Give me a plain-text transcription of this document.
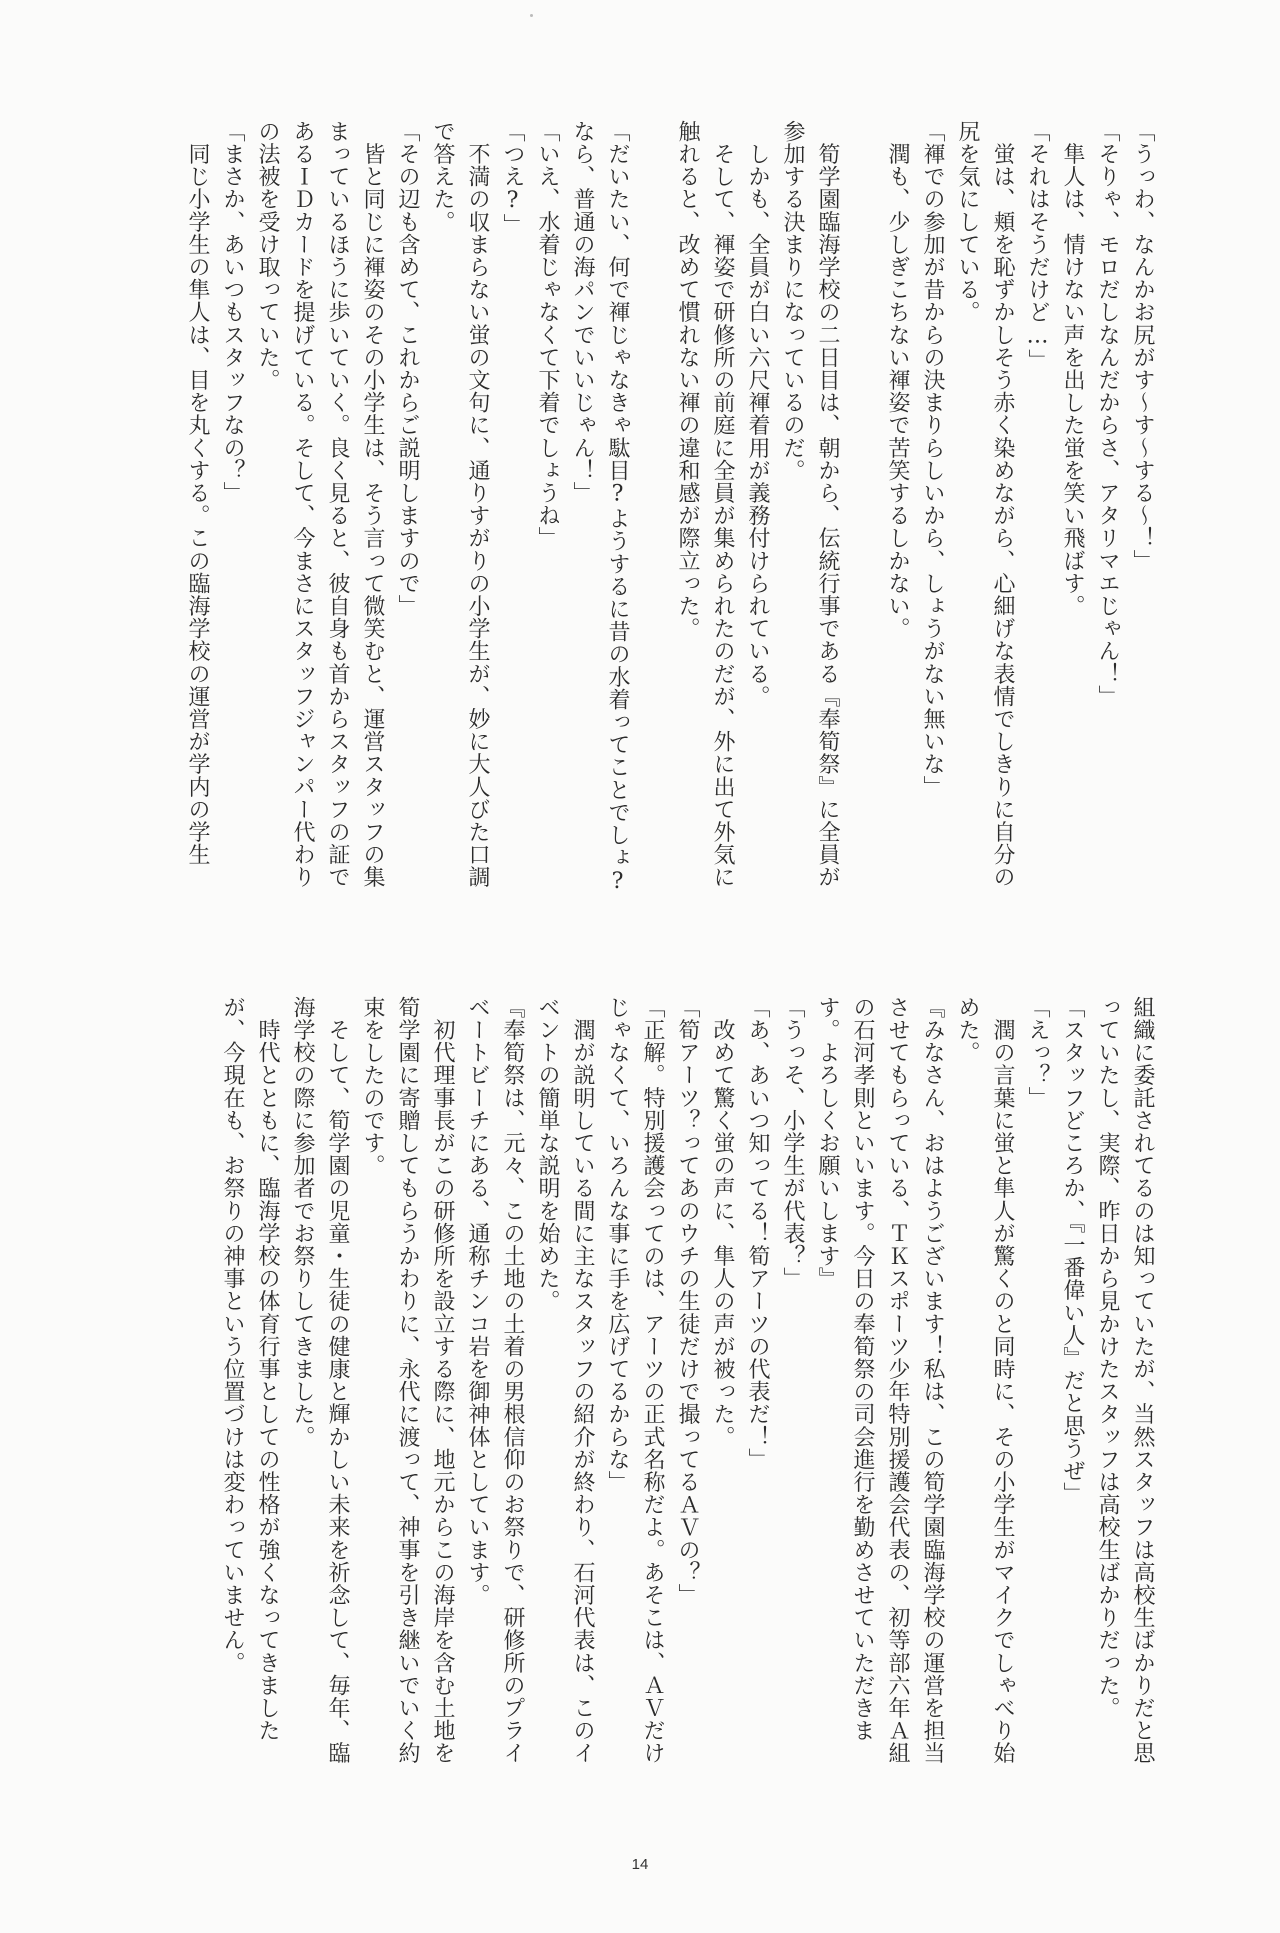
「うっわ、なんかお尻がす〜す〜する〜！」
「そりゃ、モロだしなんだからさ、アタリマエじゃん！」
　隼人は、情けない声を出した蛍を笑い飛ばす。
「それはそうだけど…」
　蛍は、頬を恥ずかしそう赤く染めながら、心細げな表情でしきりに自分の
尻を気にしている。
「褌での参加が昔からの決まりらしいから、しょうがない無いな」
　潤も、少しぎこちない褌姿で苦笑するしかない。

　筍学園臨海学校の二日目は、朝から、伝統行事である『奉筍祭』に全員が
参加する決まりになっているのだ。
　しかも、全員が白い六尺褌着用が義務付けられている。
　そして、褌姿で研修所の前庭に全員が集められたのだが、外に出て外気に
触れると、改めて慣れない褌の違和感が際立った。

「だいたい、何で褌じゃなきゃ駄目?ようするに昔の水着ってことでしょ?
なら、普通の海パンでいいじゃん！」
「いえ、水着じゃなくて下着でしょうね」
「つえ?」
　不満の収まらない蛍の文句に、通りすがりの小学生が、妙に大人びた口調
で答えた。
「その辺も含めて、これからご説明しますので」
　皆と同じに褌姿のその小学生は、そう言って微笑むと、運営スタッフの集
まっているほうに歩いていく。良く見ると、彼自身も首からスタッフの証で
あるＩＤカードを提げている。そして、今まさにスタッフジャンパー代わり
の法被を受け取っていた。
「まさか、あいつもスタッフなの？」
　同じ小学生の隼人は、目を丸くする。この臨海学校の運営が学内の学生
組織に委託されてるのは知っていたが、当然スタッフは高校生ばかりだと思
っていたし、実際、昨日から見かけたスタッフは高校生ばかりだった。
「スタッフどころか、『一番偉い人』だと思うぜ」
「えっ？」
　潤の言葉に蛍と隼人が驚くのと同時に、その小学生がマイクでしゃべり始
めた。
『みなさん、おはようございます！私は、この筍学園臨海学校の運営を担当
させてもらっている、ＴＫスポーツ少年特別援護会代表の、初等部六年Ａ組
の石河孝則といいます。今日の奉筍祭の司会進行を勤めさせていただきま
す。よろしくお願いします』
「うっそ、小学生が代表？」
「あ、あいつ知ってる！筍アーツの代表だ！」
　改めて驚く蛍の声に、隼人の声が被った。
「筍アーツ？ってあのウチの生徒だけで撮ってるＡＶの？」
「正解。特別援護会ってのは、アーツの正式名称だよ。あそこは、ＡＶだけ
じゃなくて、いろんな事に手を広げてるからな」
　潤が説明している間に主なスタッフの紹介が終わり、石河代表は、このイ
ベントの簡単な説明を始めた。
『奉筍祭は、元々、この土地の土着の男根信仰のお祭りで、研修所のプライ
ベートビーチにある、通称チンコ岩を御神体としています。
　初代理事長がこの研修所を設立する際に、地元からこの海岸を含む土地を
筍学園に寄贈してもらうかわりに、永代に渡って、神事を引き継いでいく約
束をしたのです。
　そして、筍学園の児童・生徒の健康と輝かしい未来を祈念して、毎年、臨
海学校の際に参加者でお祭りしてきました。
　時代とともに、臨海学校の体育行事としての性格が強くなってきました
が、今現在も、お祭りの神事という位置づけは変わっていません。
14
